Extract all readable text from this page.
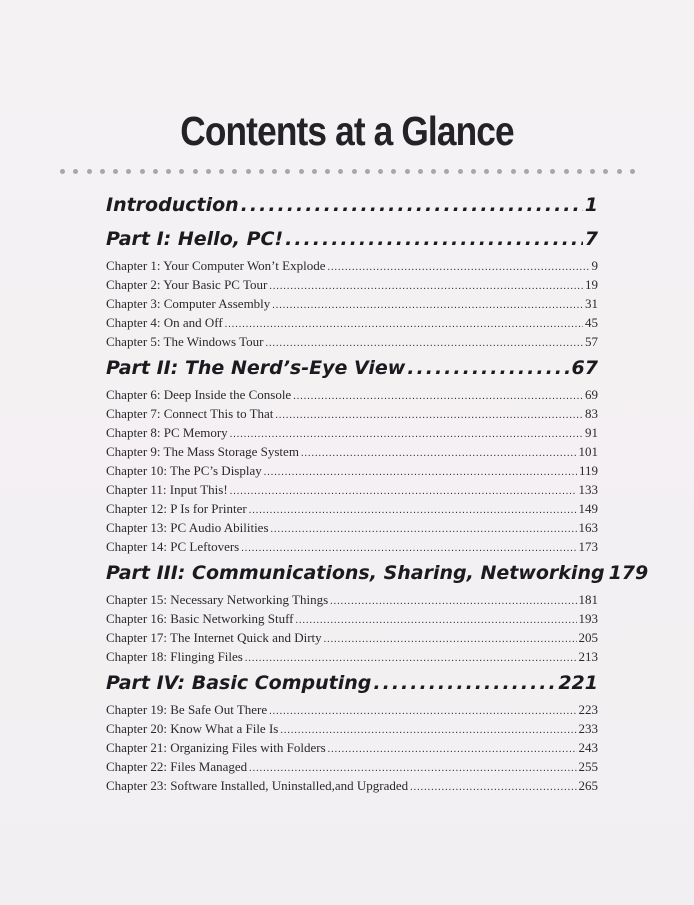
Contents at a Glance
Introduction .....	1
Part I: Hello, PC! .....	7
Chapter 1: Your Computer Won’t Explode .....	9
Chapter 2: Your Basic PC Tour .....	19
Chapter 3: Computer Assembly .....	31
Chapter 4: On and Off .....	45
Chapter 5: The Windows Tour .....	57
Part II: The Nerd’s-Eye View .....	67
Chapter 6: Deep Inside the Console .....	69
Chapter 7: Connect This to That .....	83
Chapter 8: PC Memory .....	91
Chapter 9: The Mass Storage System .....	101
Chapter 10: The PC’s Display .....	119
Chapter 11: Input This! .....	133
Chapter 12: P Is for Printer .....	149
Chapter 13: PC Audio Abilities .....	163
Chapter 14: PC Leftovers .....	173
Part III: Communications, Sharing, Networking 179
Chapter 15: Necessary Networking Things .....	181
Chapter 16: Basic Networking Stuff .....	193
Chapter 17: The Internet Quick and Dirty .....	205
Chapter 18: Flinging Files .....	213
Part IV: Basic Computing .....	221
Chapter 19: Be Safe Out There .....	223
Chapter 20: Know What a File Is .....	233
Chapter 21: Organizing Files with Folders .....	243
Chapter 22: Files Managed .....	255
Chapter 23: Software Installed, Uninstalled,and Upgraded .....	265
